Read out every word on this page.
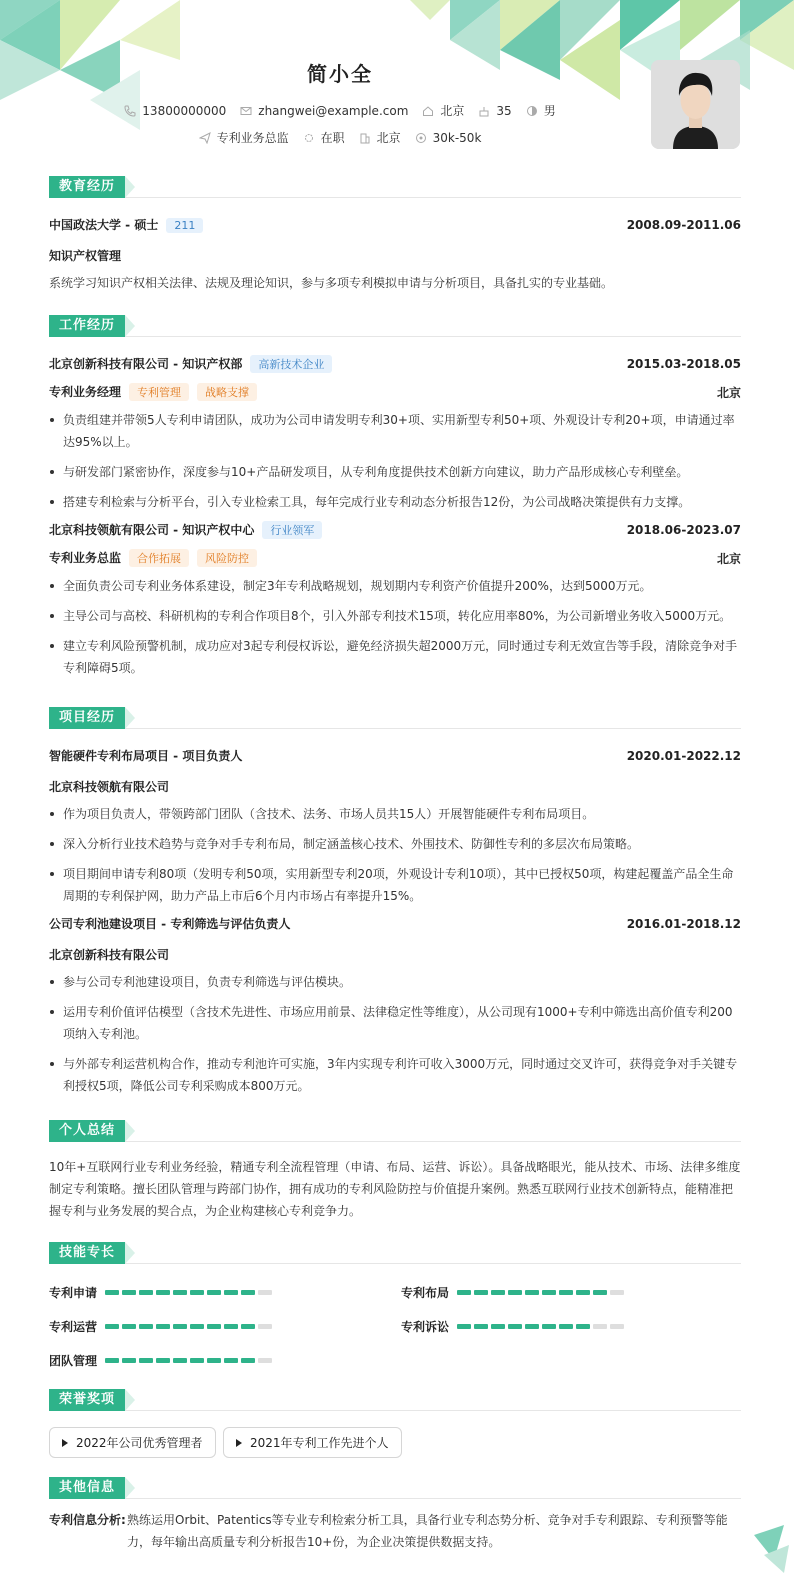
简小全
13800000000	zhangwei@example.com	北京	35	男
专利业务总监	在职	北京	30k-50k
教育经历
中国政法大学 - 硕士 211	2008.09-2011.06
知识产权管理
系统学习知识产权相关法律、法规及理论知识，参与多项专利模拟申请与分析项目，具备扎实的专业基础。
工作经历
北京创新科技有限公司 - 知识产权部 高新技术企业	2015.03-2018.05
专利业务经理 专利管理 战略支撑	北京
负责组建并带领5人专利申请团队，成功为公司申请发明专利30+项、实用新型专利50+项、外观设计专利20+项，申请通过率达95%以上。
与研发部门紧密协作，深度参与10+产品研发项目，从专利角度提供技术创新方向建议，助力产品形成核心专利壁垒。
搭建专利检索与分析平台，引入专业检索工具，每年完成行业专利动态分析报告12份，为公司战略决策提供有力支撑。
北京科技领航有限公司 - 知识产权中心 行业领军	2018.06-2023.07
专利业务总监 合作拓展 风险防控	北京
全面负责公司专利业务体系建设，制定3年专利战略规划，规划期内专利资产价值提升200%，达到5000万元。
主导公司与高校、科研机构的专利合作项目8个，引入外部专利技术15项，转化应用率80%，为公司新增业务收入5000万元。
建立专利风险预警机制，成功应对3起专利侵权诉讼，避免经济损失超2000万元，同时通过专利无效宣告等手段，清除竞争对手专利障碍5项。
项目经历
智能硬件专利布局项目 - 项目负责人	2020.01-2022.12
北京科技领航有限公司
作为项目负责人，带领跨部门团队（含技术、法务、市场人员共15人）开展智能硬件专利布局项目。
深入分析行业技术趋势与竞争对手专利布局，制定涵盖核心技术、外围技术、防御性专利的多层次布局策略。
项目期间申请专利80项（发明专利50项，实用新型专利20项，外观设计专利10项），其中已授权50项，构建起覆盖产品全生命周期的专利保护网，助力产品上市后6个月内市场占有率提升15%。
公司专利池建设项目 - 专利筛选与评估负责人	2016.01-2018.12
北京创新科技有限公司
参与公司专利池建设项目，负责专利筛选与评估模块。
运用专利价值评估模型（含技术先进性、市场应用前景、法律稳定性等维度），从公司现有1000+专利中筛选出高价值专利200项纳入专利池。
与外部专利运营机构合作，推动专利池许可实施，3年内实现专利许可收入3000万元，同时通过交叉许可，获得竞争对手关键专利授权5项，降低公司专利采购成本800万元。
个人总结
10年+互联网行业专利业务经验，精通专利全流程管理（申请、布局、运营、诉讼）。具备战略眼光，能从技术、市场、法律多维度制定专利策略。擅长团队管理与跨部门协作，拥有成功的专利风险防控与价值提升案例。熟悉互联网行业技术创新特点，能精准把握专利与业务发展的契合点，为企业构建核心专利竞争力。
技能专长
专利申请	专利布局
专利运营	专利诉讼
团队管理
荣誉奖项
2022年公司优秀管理者	2021年专利工作先进个人
其他信息
专利信息分析: 熟练运用Orbit、Patentics等专业专利检索分析工具，具备行业专利态势分析、竞争对手专利跟踪、专利预警等能力，每年输出高质量专利分析报告10+份，为企业决策提供数据支持。
